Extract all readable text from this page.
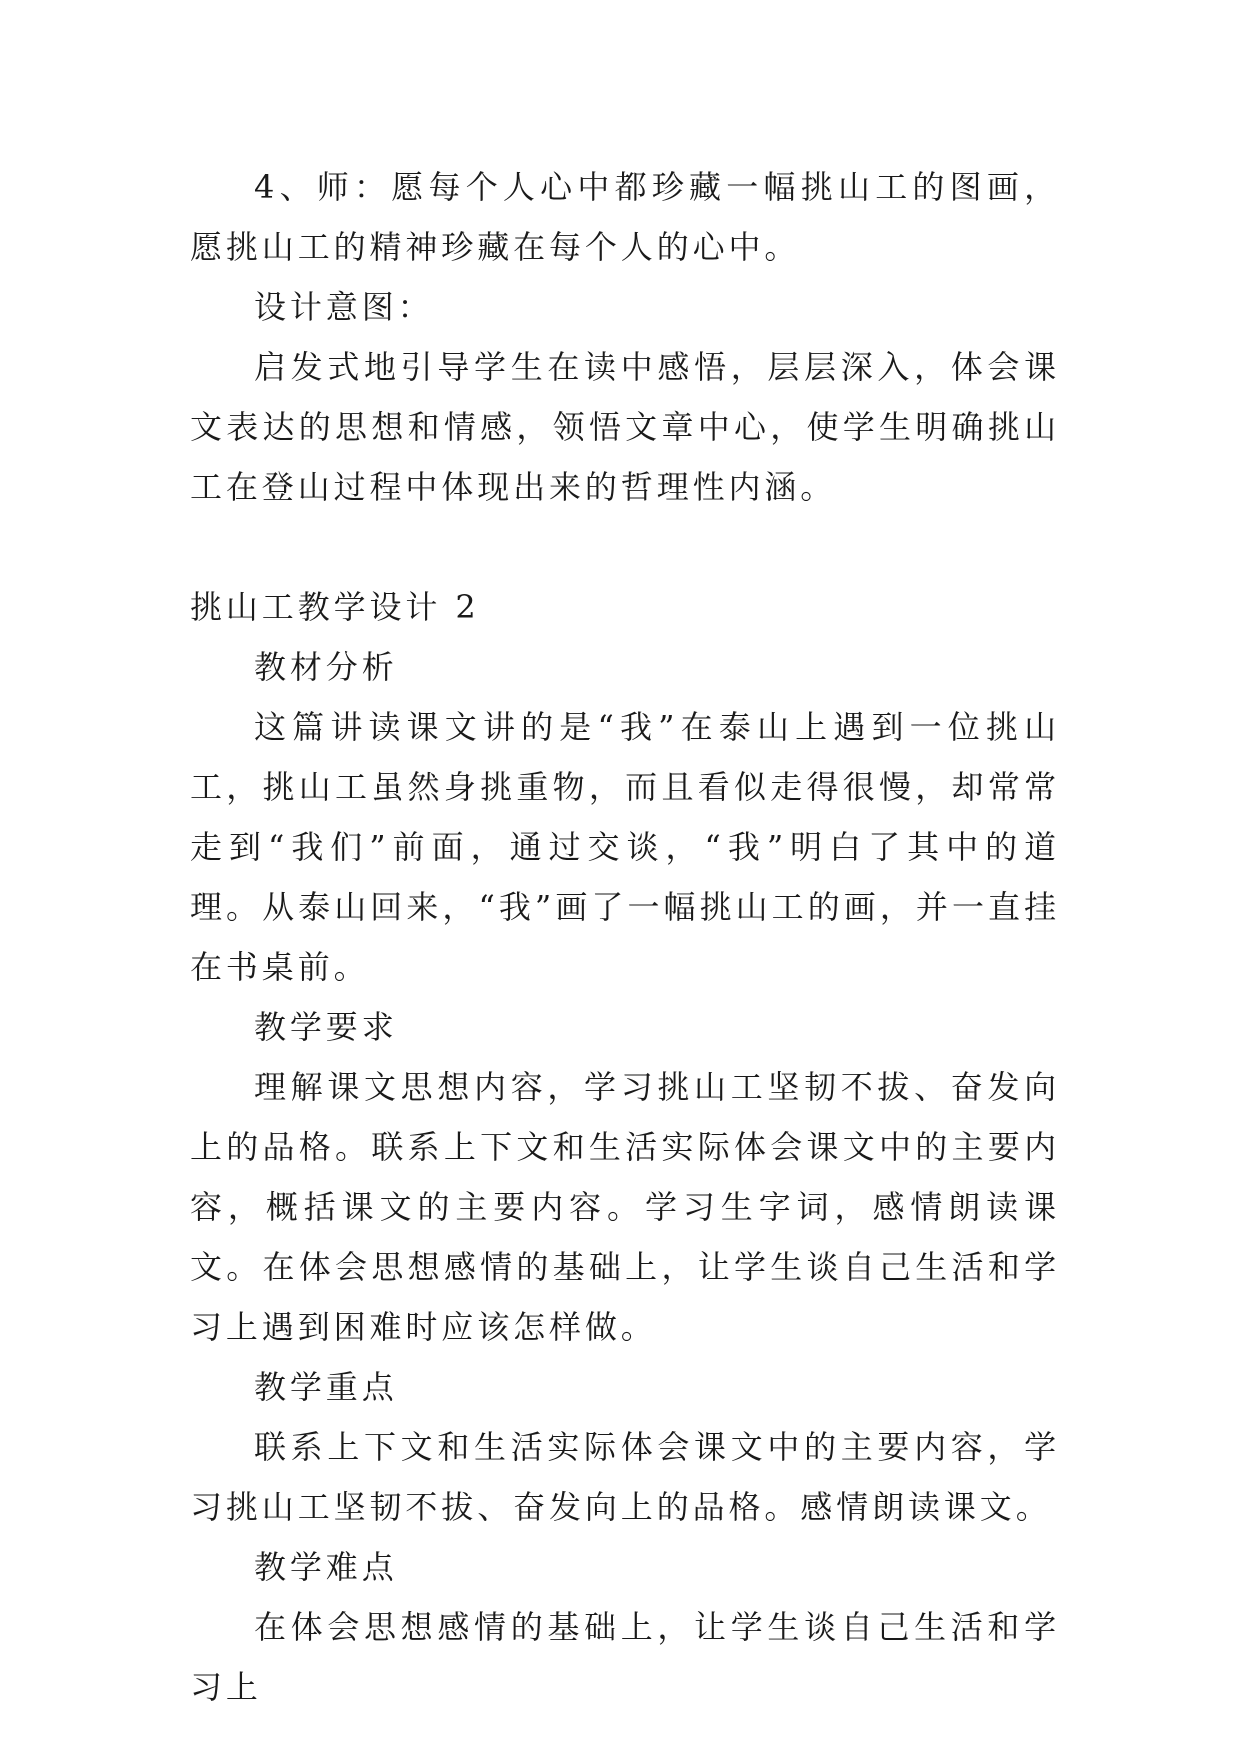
4、师：愿每个人心中都珍藏一幅挑山工的图画，愿挑山工的精神珍藏在每个人的心中。

设计意图：

启发式地引导学生在读中感悟，层层深入，体会课文表达的思想和情感，领悟文章中心，使学生明确挑山工在登山过程中体现出来的哲理性内涵。

挑山工教学设计 2

教材分析

这篇讲读课文讲的是“我”在泰山上遇到一位挑山工，挑山工虽然身挑重物，而且看似走得很慢，却常常走到“我们”前面，通过交谈，“我”明白了其中的道理。从泰山回来，“我”画了一幅挑山工的画，并一直挂在书桌前。

教学要求

理解课文思想内容，学习挑山工坚韧不拔、奋发向上的品格。联系上下文和生活实际体会课文中的主要内容，概括课文的主要内容。学习生字词，感情朗读课文。在体会思想感情的基础上，让学生谈自己生活和学习上遇到困难时应该怎样做。

教学重点

联系上下文和生活实际体会课文中的主要内容，学习挑山工坚韧不拔、奋发向上的品格。感情朗读课文。

教学难点

在体会思想感情的基础上，让学生谈自己生活和学习上
